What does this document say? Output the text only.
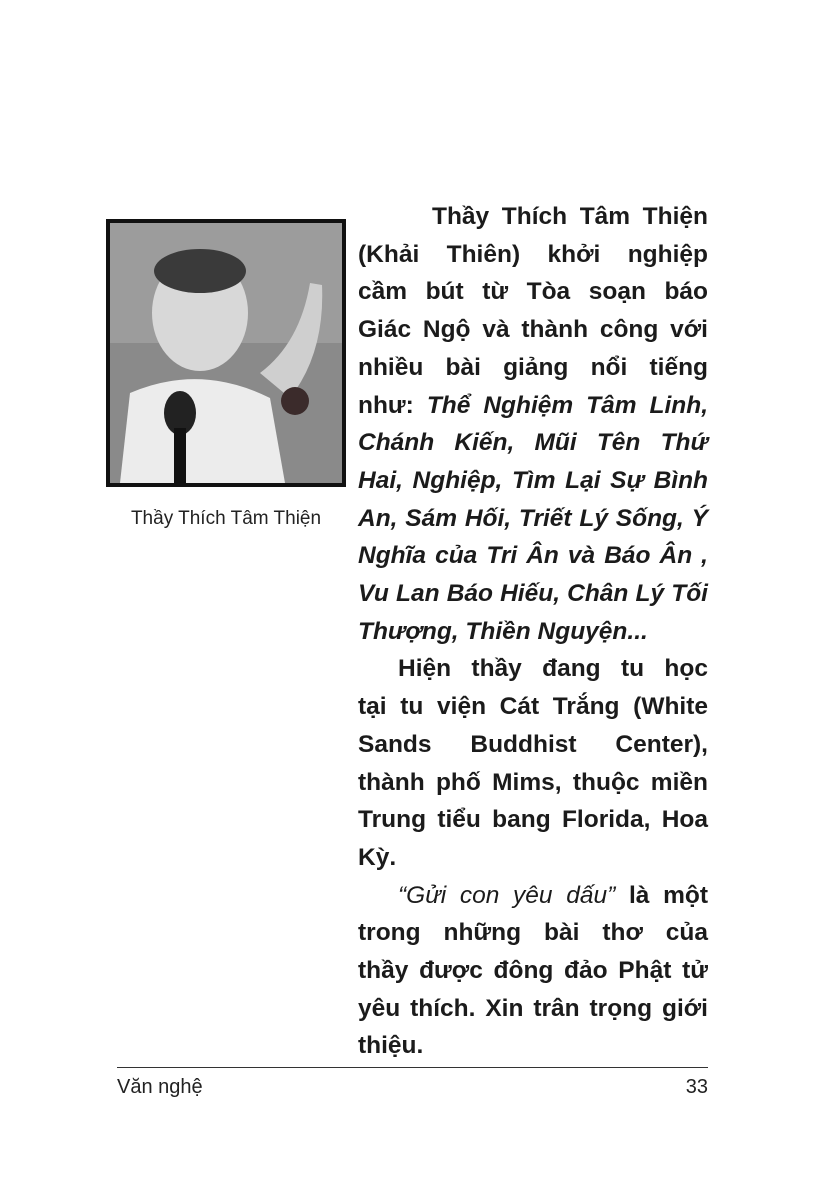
Thầy Thích Tâm Thiện
Thầy Thích Tâm Thiện
(Khải Thiên) khởi nghiệp
cầm bút từ Tòa soạn báo
Giác Ngộ và thành công với
nhiều bài giảng nổi tiếng
như: Thể Nghiệm Tâm Linh,
Chánh Kiến, Mũi Tên Thứ
Hai, Nghiệp, Tìm Lại Sự Bình
An, Sám Hối, Triết Lý Sống, Ý
Nghĩa của Tri Ân và Báo Ân ,
Vu Lan Báo Hiếu, Chân Lý Tối
Thượng, Thiền Nguyện...
Hiện thầy đang tu học
tại tu viện Cát Trắng (White
Sands Buddhist Center),
thành phố Mims, thuộc miền
Trung tiểu bang Florida, Hoa
Kỳ.
“Gửi con yêu dấu” là một
trong những bài thơ của
thầy được đông đảo Phật tử
yêu thích. Xin trân trọng giới
thiệu.
Văn nghệ	33
